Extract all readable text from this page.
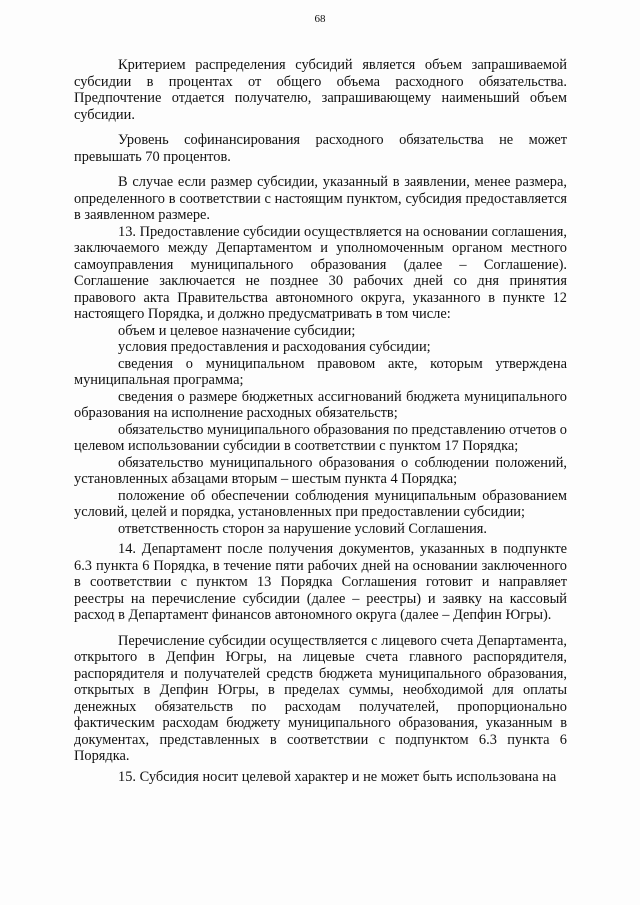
68

Критерием распределения субсидий является объем запрашиваемой субсидии в процентах от общего объема расходного обязательства. Предпочтение отдается получателю, запрашивающему наименьший объем субсидии.

Уровень софинансирования расходного обязательства не может превышать 70 процентов.

В случае если размер субсидии, указанный в заявлении, менее размера, определенного в соответствии с настоящим пунктом, субсидия предоставляется в заявленном размере.

13. Предоставление субсидии осуществляется на основании соглашения, заключаемого между Департаментом и уполномоченным органом местного самоуправления муниципального образования (далее – Соглашение). Соглашение заключается не позднее 30 рабочих дней со дня принятия правового акта Правительства автономного округа, указанного в пункте 12 настоящего Порядка, и должно предусматривать в том числе:

объем и целевое назначение субсидии;

условия предоставления и расходования субсидии;

сведения о муниципальном правовом акте, которым утверждена муниципальная программа;

сведения о размере бюджетных ассигнований бюджета муниципального образования на исполнение расходных обязательств;

обязательство муниципального образования по представлению отчетов о целевом использовании субсидии в соответствии с пунктом 17 Порядка;

обязательство муниципального образования о соблюдении положений, установленных абзацами вторым – шестым пункта 4 Порядка;

положение об обеспечении соблюдения муниципальным образованием условий, целей и порядка, установленных при предоставлении субсидии;

ответственность сторон за нарушение условий Соглашения.

14. Департамент после получения документов, указанных в подпункте 6.3 пункта 6 Порядка, в течение пяти рабочих дней на основании заключенного в соответствии с пунктом 13 Порядка Соглашения готовит и направляет реестры на перечисление субсидии (далее – реестры) и заявку на кассовый расход в Департамент финансов автономного округа (далее – Депфин Югры).

Перечисление субсидии осуществляется с лицевого счета Департамента, открытого в Депфин Югры, на лицевые счета главного распорядителя, распорядителя и получателей средств бюджета муниципального образования, открытых в Депфин Югры, в пределах суммы, необходимой для оплаты денежных обязательств по расходам получателей, пропорционально фактическим расходам бюджету муниципального образования, указанным в документах, представленных в соответствии с подпунктом 6.3 пункта 6 Порядка.

15. Субсидия носит целевой характер и не может быть использована на
